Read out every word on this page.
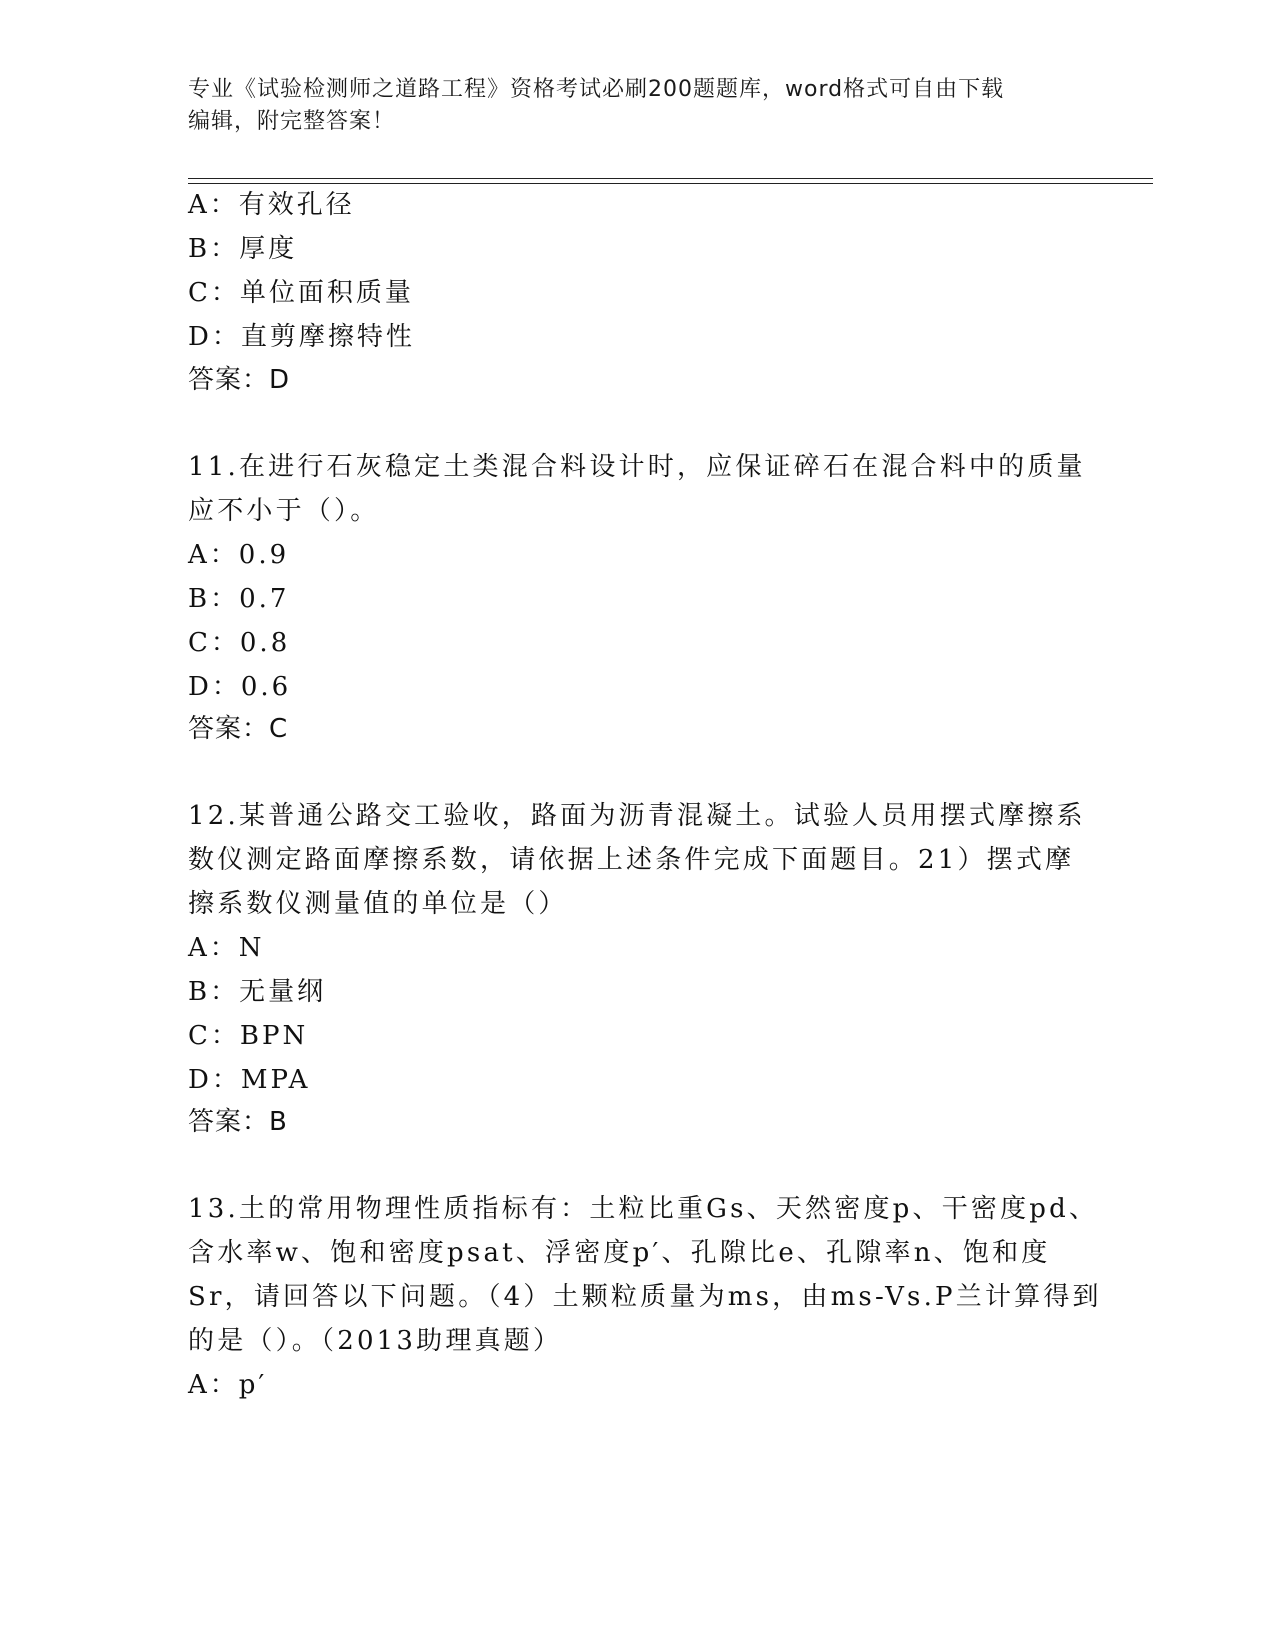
专业《试验检测师之道路工程》资格考试必刷200题题库，word格式可自由下载
编辑，附完整答案！
A：有效孔径
B：厚度
C：单位面积质量
D：直剪摩擦特性
答案：D
11.在进行石灰稳定土类混合料设计时，应保证碎石在混合料中的质量
应不小于（）。
A：0.9
B：0.7
C：0.8
D：0.6
答案：C
12.某普通公路交工验收，路面为沥青混凝土。试验人员用摆式摩擦系
数仪测定路面摩擦系数，请依据上述条件完成下面题目。21）摆式摩
擦系数仪测量值的单位是（）
A：N
B：无量纲
C：BPN
D：MPA
答案：B
13.土的常用物理性质指标有：土粒比重Gs、天然密度p、干密度pd、
含水率w、饱和密度psat、浮密度p′、孔隙比e、孔隙率n、饱和度
Sr，请回答以下问题。（4）土颗粒质量为ms，由ms-Vs.P兰计算得到
的是（）。（2013助理真题）
A：p′
